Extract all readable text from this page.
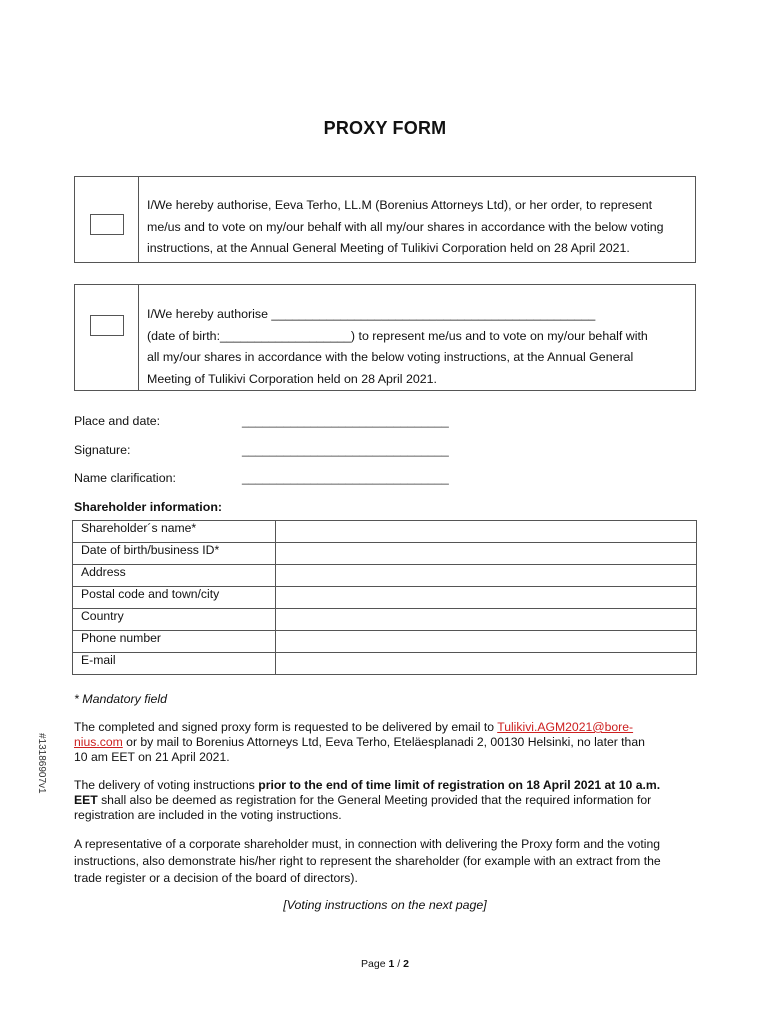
PROXY FORM
I/We hereby authorise, Eeva Terho, LL.M (Borenius Attorneys Ltd), or her order, to represent
me/us and to vote on my/our behalf with all my/our shares in accordance with the below voting
instructions, at the Annual General Meeting of Tulikivi Corporation held on 28 April 2021.
I/We hereby authorise _______________________________________________
(date of birth:___________________) to represent me/us and to vote on my/our behalf with
all my/our shares in accordance with the below voting instructions, at the Annual General
Meeting of Tulikivi Corporation held on 28 April 2021.
Place and date:	______________________________
Signature:	______________________________
Name clarification:	______________________________
Shareholder information:
Shareholder´s name*	
Date of birth/business ID*	
Address	
Postal code and town/city	
Country	
Phone number	
E-mail	
* Mandatory field
The completed and signed proxy form is requested to be delivered by email to Tulikivi.AGM2021@bore-
nius.com or by mail to Borenius Attorneys Ltd, Eeva Terho, Eteläesplanadi 2, 00130 Helsinki, no later than
10 am EET on 21 April 2021.
The delivery of voting instructions prior to the end of time limit of registration on 18 April 2021 at 10 a.m.
EET shall also be deemed as registration for the General Meeting provided that the required information for
registration are included in the voting instructions.
A representative of a corporate shareholder must, in connection with delivering the Proxy form and the voting
instructions, also demonstrate his/her right to represent the shareholder (for example with an extract from the
trade register or a decision of the board of directors).
[Voting instructions on the next page]
Page 1 / 2
#13186907v1
